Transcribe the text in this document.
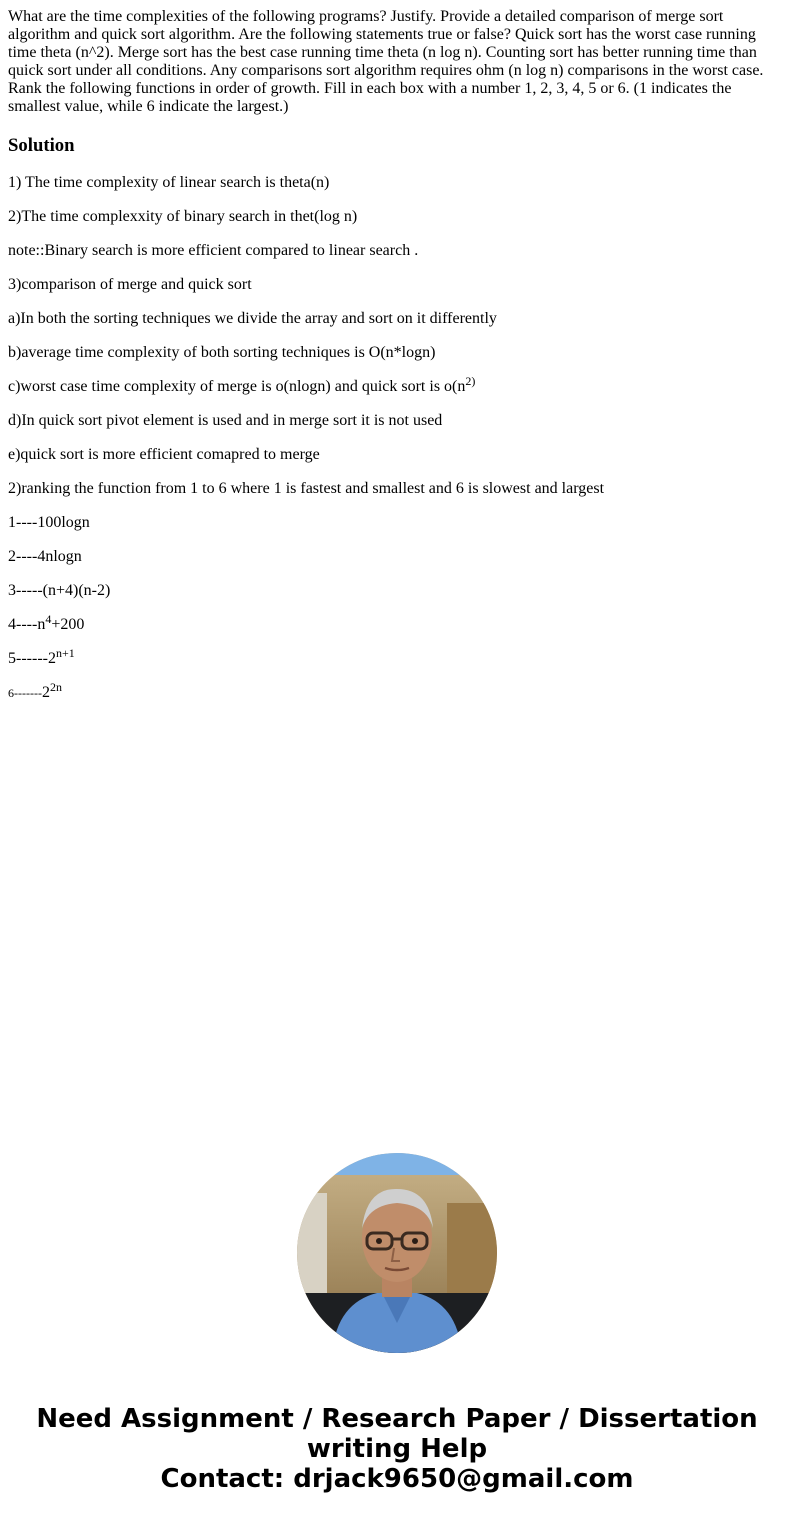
What are the time complexities of the following programs? Justify. Provide a detailed comparison of merge sort algorithm and quick sort algorithm. Are the following statements true or false? Quick sort has the worst case running time theta (n^2). Merge sort has the best case running time theta (n log n). Counting sort has better running time than quick sort under all conditions. Any comparisons sort algorithm requires ohm (n log n) comparisons in the worst case. Rank the following functions in order of growth. Fill in each box with a number 1, 2, 3, 4, 5 or 6. (1 indicates the smallest value, while 6 indicate the largest.)

Solution

1) The time complexity of linear search is theta(n)

2)The time complexxity of binary search in thet(log n)

note::Binary search is more efficient compared to linear search .

3)comparison of merge and quick sort

a)In both the sorting techniques we divide the array and sort on it differently

b)average time complexity of both sorting techniques is O(n*logn)

c)worst case time complexity of merge is o(nlogn) and quick sort is $o(n^{2)}$

d)In quick sort pivot element is used and in merge sort it is not used

e)quick sort is more efficient comapred to merge

2)ranking the function from 1 to 6 where 1 is fastest and smallest and 6 is slowest and largest

1----100logn

2----4nlogn

3-----(n+4)(n-2)

$4----n^4+200$

$5------2^{n+1}$

$6-------2^{2n}$

Need Assignment / Research Paper / Dissertation
writing Help
Contact: drjack9650@gmail.com
